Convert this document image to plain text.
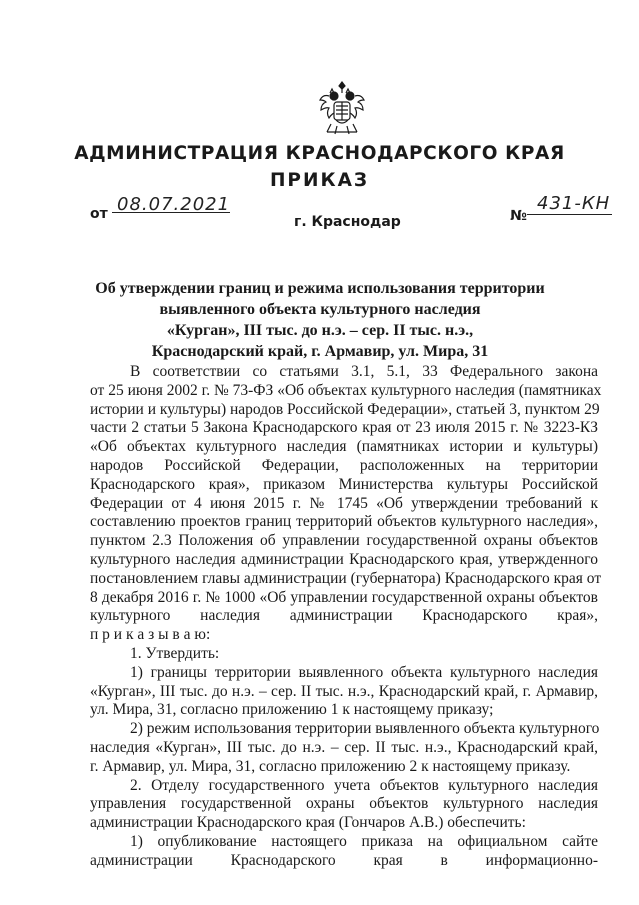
АДМИНИСТРАЦИЯ КРАСНОДАРСКОГО КРАЯ
ПРИКАЗ
от 08.07.2021
г. Краснодар	№
431-КН
Об утверждении границ и режима использования территории
выявленного объекта культурного наследия
«Курган», III тыс. до н.э. – сер. II тыс. н.э.,
Краснодарский край, г. Армавир, ул. Мира, 31
В соответствии со статьями 3.1, 5.1, 33 Федерального закона
от 25 июня 2002 г. № 73-ФЗ «Об объектах культурного наследия (памятниках
истории и культуры) народов Российской Федерации», статьей 3, пунктом 29
части 2 статьи 5 Закона Краснодарского края от 23 июля 2015 г. № 3223-КЗ
«Об объектах культурного наследия (памятниках истории и культуры)
народов Российской Федерации, расположенных на территории
Краснодарского края», приказом Министерства культуры Российской
Федерации от 4 июня 2015 г. № 1745 «Об утверждении требований к
составлению проектов границ территорий объектов культурного наследия»,
пунктом 2.3 Положения об управлении государственной охраны объектов
культурного наследия администрации Краснодарского края, утвержденного
постановлением главы администрации (губернатора) Краснодарского края от
8 декабря 2016 г. № 1000 «Об управлении государственной охраны объектов
культурного наследия администрации Краснодарского края»,
п р и к а з ы в а ю:
1. Утвердить:
1) границы территории выявленного объекта культурного наследия
«Курган», III тыс. до н.э. – сер. II тыс. н.э., Краснодарский край, г. Армавир,
ул. Мира, 31, согласно приложению 1 к настоящему приказу;
2) режим использования территории выявленного объекта культурного
наследия «Курган», III тыс. до н.э. – сер. II тыс. н.э., Краснодарский край,
г. Армавир, ул. Мира, 31, согласно приложению 2 к настоящему приказу.
2. Отделу государственного учета объектов культурного наследия
управления государственной охраны объектов культурного наследия
администрации Краснодарского края (Гончаров А.В.) обеспечить:
1) опубликование настоящего приказа на официальном сайте
администрации Краснодарского края в информационно-
